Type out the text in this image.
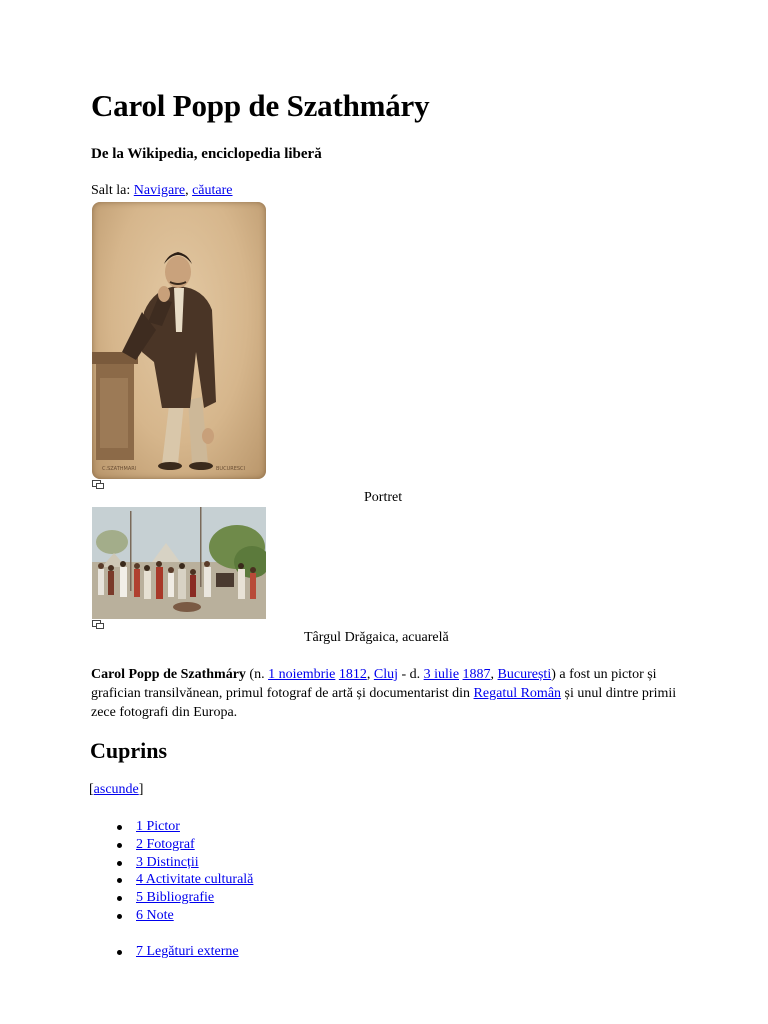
Carol Popp de Szathmáry

De la Wikipedia, enciclopedia liberă

Salt la: Navigare, căutare
C.SZATHMARI	BUCURESCI
Portret
Târgul Drăgaica, acuarelă

Carol Popp de Szathmáry (n. 1 noiembrie 1812, Cluj - d. 3 iulie 1887, București) a fost un pictor și grafician transilvănean, primul fotograf de artă și documentarist din Regatul Român și unul dintre primii zece fotografi din Europa.

Cuprins
[ascunde]
1 Pictor
2 Fotograf
3 Distincții
4 Activitate culturală
5 Bibliografie
6 Note
7 Legături externe
